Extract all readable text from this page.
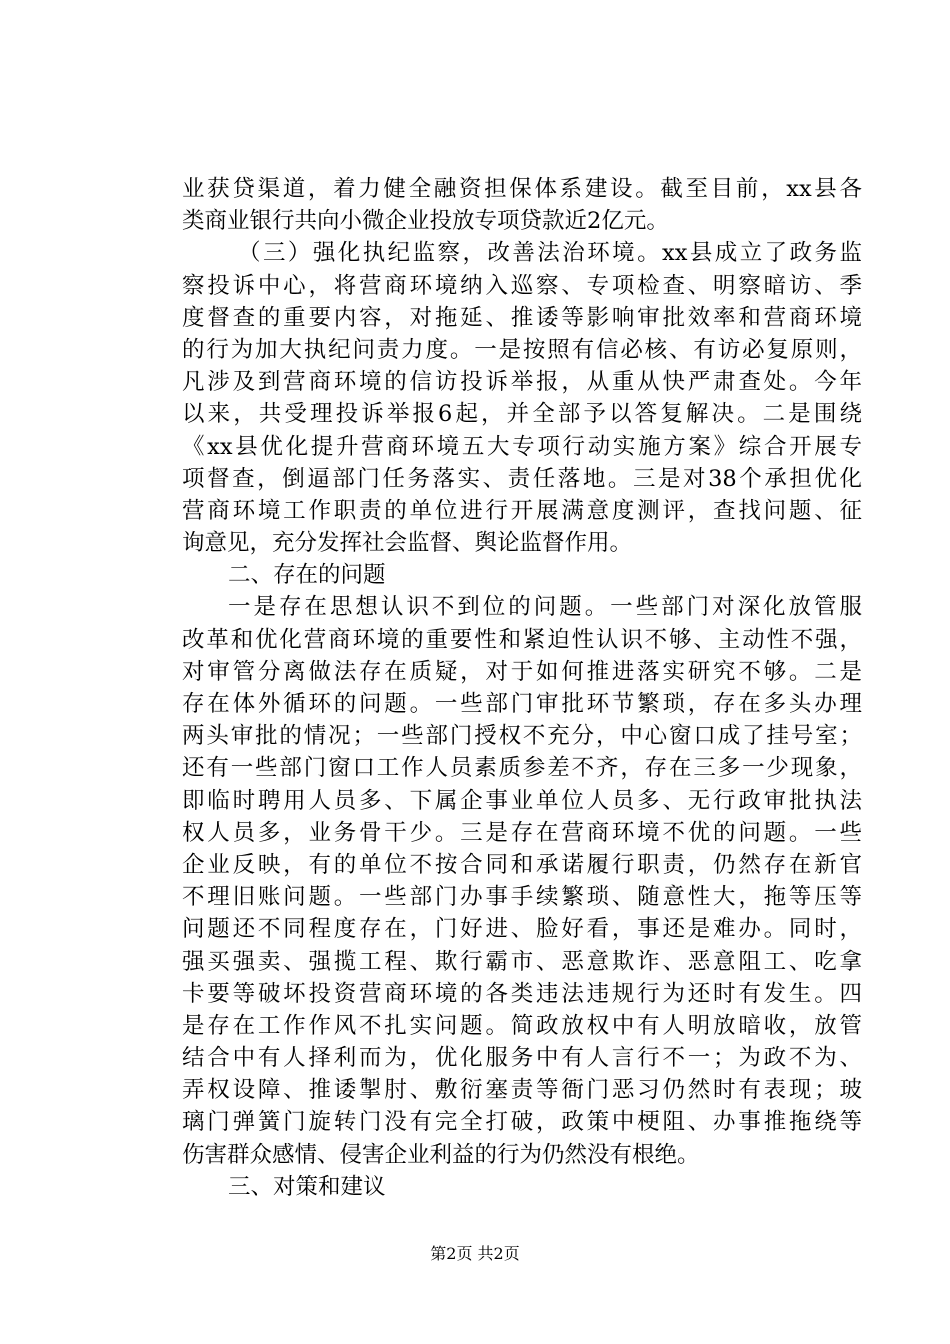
业获贷渠道，着力健全融资担保体系建设。截至目前，xx县各
类商业银行共向小微企业投放专项贷款近2亿元。
（三）强化执纪监察，改善法治环境。xx县成立了政务监
察投诉中心，将营商环境纳入巡察、专项检查、明察暗访、季
度督查的重要内容，对拖延、推诿等影响审批效率和营商环境
的行为加大执纪问责力度。一是按照有信必核、有访必复原则，
凡涉及到营商环境的信访投诉举报，从重从快严肃查处。今年
以来，共受理投诉举报6起，并全部予以答复解决。二是围绕
《xx县优化提升营商环境五大专项行动实施方案》综合开展专
项督查，倒逼部门任务落实、责任落地。三是对38个承担优化
营商环境工作职责的单位进行开展满意度测评，查找问题、征
询意见，充分发挥社会监督、舆论监督作用。
二、存在的问题
一是存在思想认识不到位的问题。一些部门对深化放管服
改革和优化营商环境的重要性和紧迫性认识不够、主动性不强，
对审管分离做法存在质疑，对于如何推进落实研究不够。二是
存在体外循环的问题。一些部门审批环节繁琐，存在多头办理
两头审批的情况；一些部门授权不充分，中心窗口成了挂号室；
还有一些部门窗口工作人员素质参差不齐，存在三多一少现象，
即临时聘用人员多、下属企事业单位人员多、无行政审批执法
权人员多，业务骨干少。三是存在营商环境不优的问题。一些
企业反映，有的单位不按合同和承诺履行职责，仍然存在新官
不理旧账问题。一些部门办事手续繁琐、随意性大，拖等压等
问题还不同程度存在，门好进、脸好看，事还是难办。同时，
强买强卖、强揽工程、欺行霸市、恶意欺诈、恶意阻工、吃拿
卡要等破坏投资营商环境的各类违法违规行为还时有发生。四
是存在工作作风不扎实问题。简政放权中有人明放暗收，放管
结合中有人择利而为，优化服务中有人言行不一；为政不为、
弄权设障、推诿掣肘、敷衍塞责等衙门恶习仍然时有表现；玻
璃门弹簧门旋转门没有完全打破，政策中梗阻、办事推拖绕等
伤害群众感情、侵害企业利益的行为仍然没有根绝。
三、对策和建议
第2页 共2页
